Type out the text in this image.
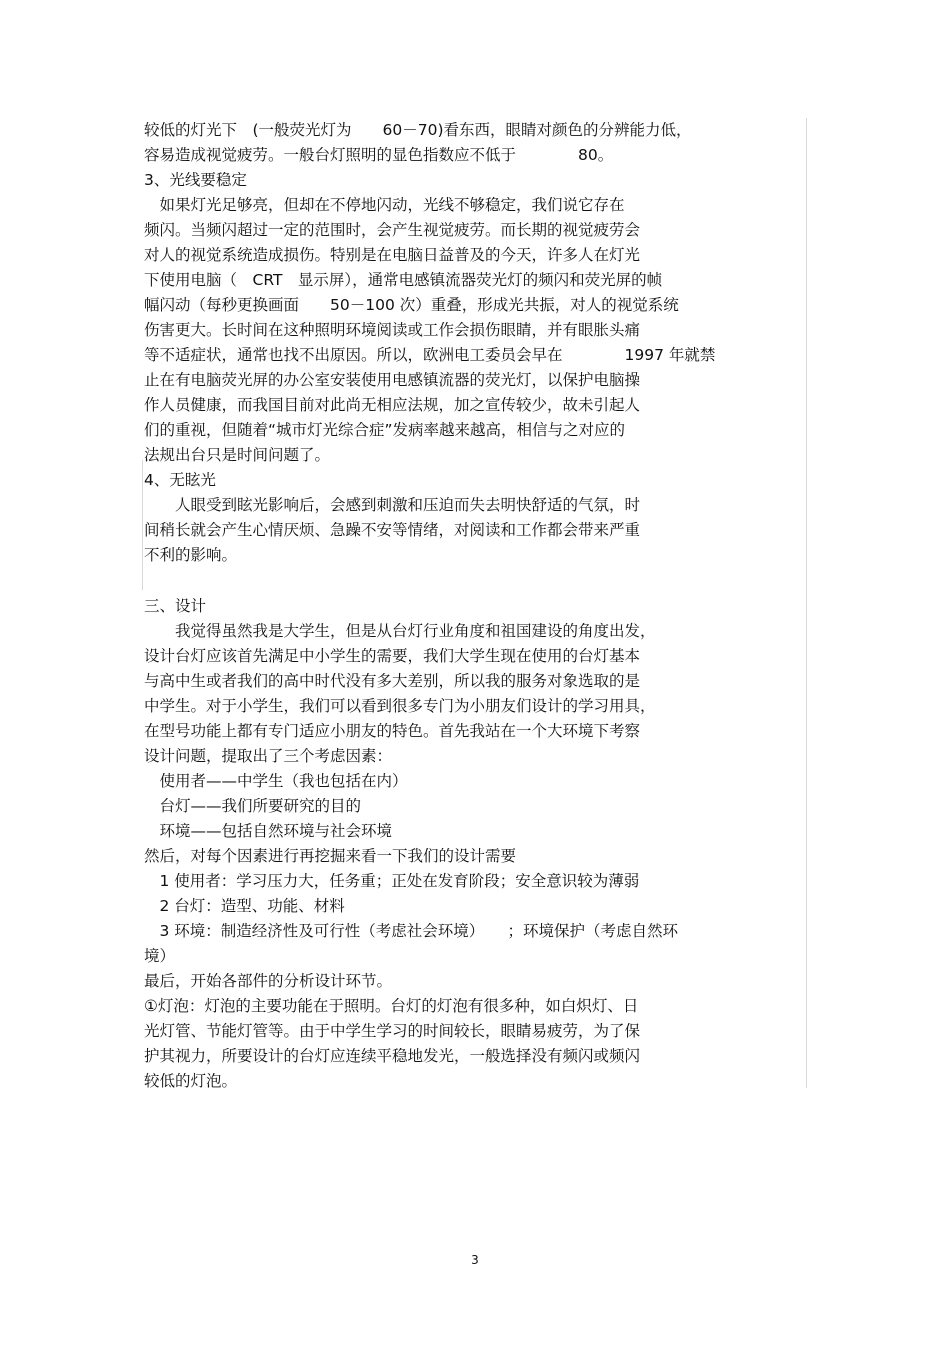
较低的灯光下　(一般荧光灯为　　60－70)看东西，眼睛对颜色的分辨能力低，
容易造成视觉疲劳。一般台灯照明的显色指数应不低于　　　　80。
3、光线要稳定
　如果灯光足够亮，但却在不停地闪动，光线不够稳定，我们说它存在
频闪。当频闪超过一定的范围时，会产生视觉疲劳。而长期的视觉疲劳会
对人的视觉系统造成损伤。特别是在电脑日益普及的今天，许多人在灯光
下使用电脑（　CRT　显示屏），通常电感镇流器荧光灯的频闪和荧光屏的帧
幅闪动（每秒更换画面　　50－100 次）重叠，形成光共振，对人的视觉系统
伤害更大。长时间在这种照明环境阅读或工作会损伤眼睛，并有眼胀头痛
等不适症状，通常也找不出原因。所以，欧洲电工委员会早在　　　　1997 年就禁
止在有电脑荧光屏的办公室安装使用电感镇流器的荧光灯，以保护电脑操
作人员健康，而我国目前对此尚无相应法规，加之宣传较少，故未引起人
们的重视，但随着“城市灯光综合症”发病率越来越高，相信与之对应的
法规出台只是时间问题了。
4、无眩光
　　人眼受到眩光影响后，会感到刺激和压迫而失去明快舒适的气氛，时
间稍长就会产生心情厌烦、急躁不安等情绪，对阅读和工作都会带来严重
不利的影响。
三、设计
　　我觉得虽然我是大学生，但是从台灯行业角度和祖国建设的角度出发，
设计台灯应该首先满足中小学生的需要，我们大学生现在使用的台灯基本
与高中生或者我们的高中时代没有多大差别，所以我的服务对象选取的是
中学生。对于小学生，我们可以看到很多专门为小朋友们设计的学习用具，
在型号功能上都有专门适应小朋友的特色。首先我站在一个大环境下考察
设计问题，提取出了三个考虑因素：
　使用者——中学生（我也包括在内）
　台灯——我们所要研究的目的
　环境——包括自然环境与社会环境
然后，对每个因素进行再挖掘来看一下我们的设计需要
　1 使用者：学习压力大，任务重；正处在发育阶段；安全意识较为薄弱
　2 台灯：造型、功能、材料
　3 环境：制造经济性及可行性（考虑社会环境）　　；环境保护（考虑自然环
境）
最后，开始各部件的分析设计环节。
①灯泡：灯泡的主要功能在于照明。台灯的灯泡有很多种，如白炽灯、日
光灯管、节能灯管等。由于中学生学习的时间较长，眼睛易疲劳，为了保
护其视力，所要设计的台灯应连续平稳地发光，一般选择没有频闪或频闪
较低的灯泡。
3
